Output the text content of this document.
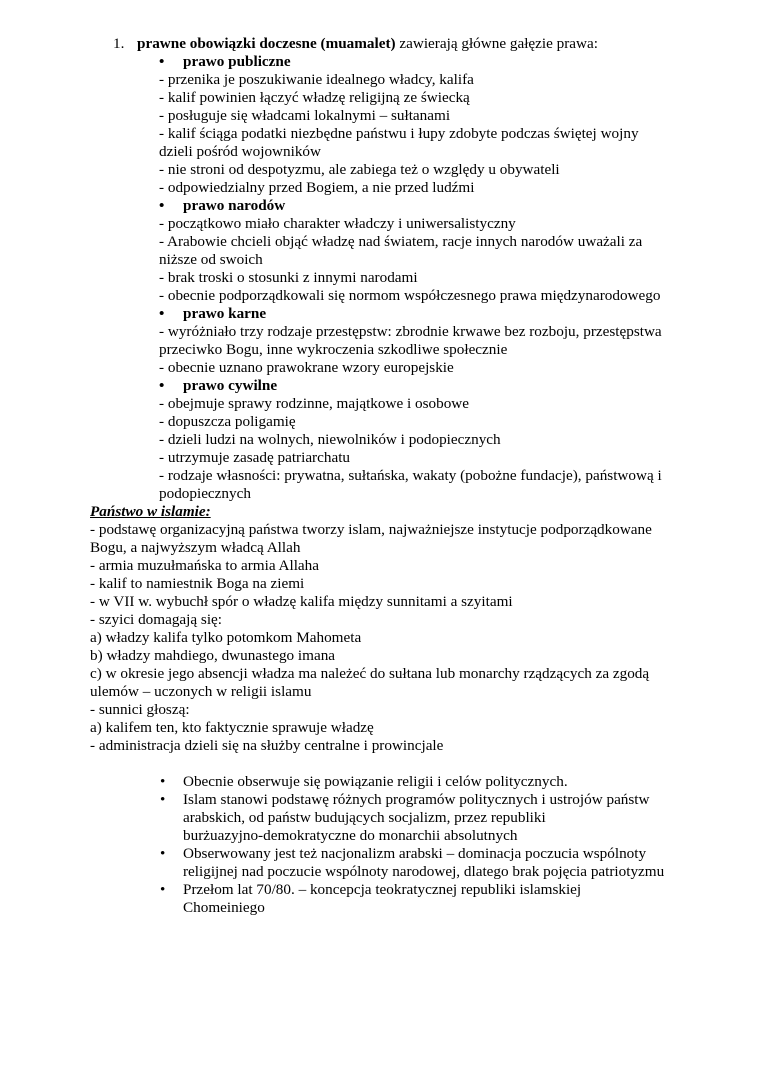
1. prawne obowiązki doczesne (muamalet) zawierają główne gałęzie prawa:
• prawo publiczne
- przenika je poszukiwanie idealnego władcy, kalifa
- kalif powinien łączyć władzę religijną ze świecką
- posługuje się władcami lokalnymi – sułtanami
- kalif ściąga podatki niezbędne państwu i łupy zdobyte podczas świętej wojny
dzieli pośród wojowników
- nie stroni od despotyzmu, ale zabiega też o względy u obywateli
- odpowiedzialny przed Bogiem, a nie przed ludźmi
• prawo narodów
- początkowo miało charakter władczy i uniwersalistyczny
- Arabowie chcieli objąć władzę nad światem, racje innych narodów uważali za
niższe od swoich
- brak troski o stosunki z innymi narodami
- obecnie podporządkowali się normom współczesnego prawa międzynarodowego
• prawo karne
- wyróżniało trzy rodzaje przestępstw: zbrodnie krwawe bez rozboju, przestępstwa
przeciwko Bogu, inne wykroczenia szkodliwe społecznie
- obecnie uznano prawokrane wzory europejskie
• prawo cywilne
- obejmuje sprawy rodzinne, majątkowe i osobowe
- dopuszcza poligamię
- dzieli ludzi na wolnych, niewolników i podopiecznych
- utrzymuje zasadę patriarchatu
- rodzaje własności: prywatna, sułtańska, wakaty (pobożne fundacje), państwową i
podopiecznych
Państwo w islamie:
- podstawę organizacyjną państwa tworzy islam, najważniejsze instytucje podporządkowane
Bogu, a najwyższym władcą Allah
- armia muzułmańska to armia Allaha
- kalif to namiestnik Boga na ziemi
- w VII w. wybuchł spór o władzę kalifa między sunnitami a szyitami
- szyici domagają się:
a) władzy kalifa tylko potomkom Mahometa
b) władzy mahdiego, dwunastego imana
c) w okresie jego absencji władza ma należeć do sułtana lub monarchy rządzących za zgodą
ulemów – uczonych w religii islamu
- sunnici głoszą:
a) kalifem ten, kto faktycznie sprawuje władzę
- administracja dzieli się na służby centralne i prowincjale
• Obecnie obserwuje się powiązanie religii i celów politycznych.
• Islam stanowi podstawę różnych programów politycznych i ustrojów państw
arabskich, od państw budujących socjalizm, przez republiki
burżuazyjno-demokratyczne do monarchii absolutnych
• Obserwowany jest też nacjonalizm arabski – dominacja poczucia wspólnoty
religijnej nad poczucie wspólnoty narodowej, dlatego brak pojęcia patriotyzmu
• Przełom lat 70/80. – koncepcja teokratycznej republiki islamskiej
Chomeiniego
